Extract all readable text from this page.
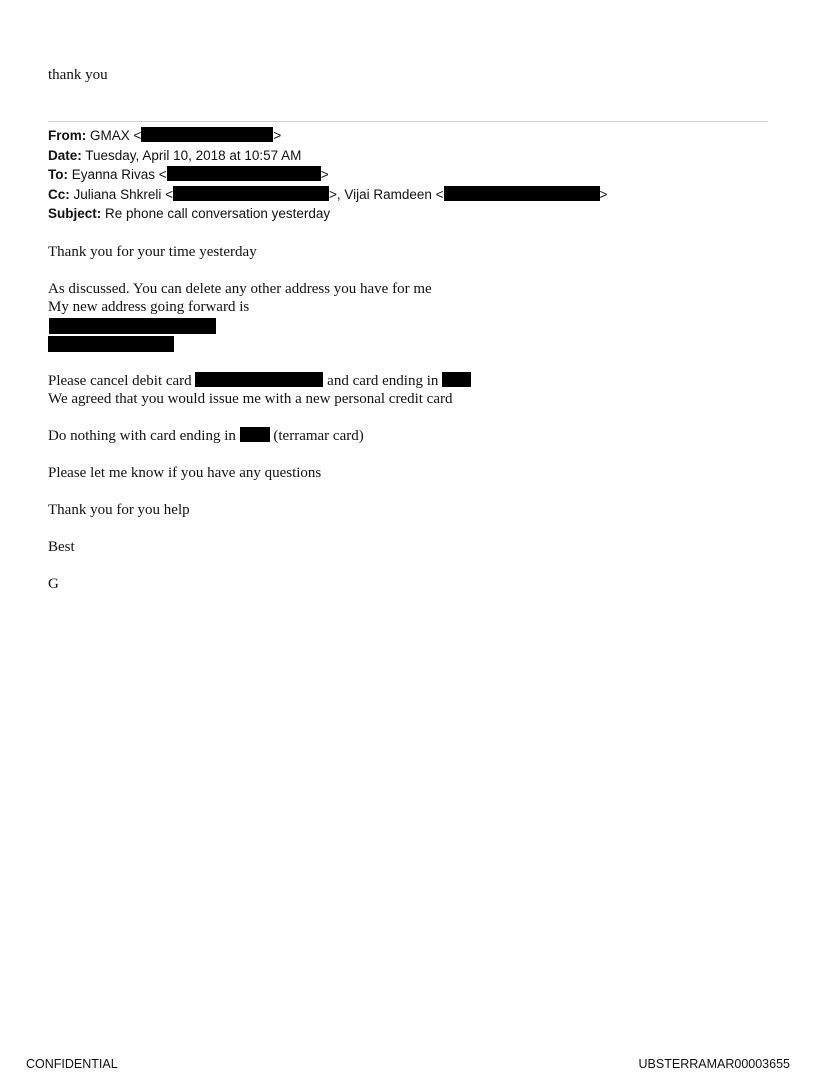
thank you
From: GMAX <	>
Date: Tuesday, April 10, 2018 at 10:57 AM
To: Eyanna Rivas <	>
Cc: Juliana Shkreli <	>, Vijai Ramdeen <	>
Subject: Re phone call conversation yesterday
Thank you for your time yesterday
As discussed. You can delete any other address you have for me
My new address going forward is
Please cancel debit card	and card ending in
We agreed that you would issue me with a new personal credit card
Do nothing with card ending in	(terramar card)
Please let me know if you have any questions
Thank you for you help
Best
G
CONFIDENTIAL	UBSTERRAMAR00003655
